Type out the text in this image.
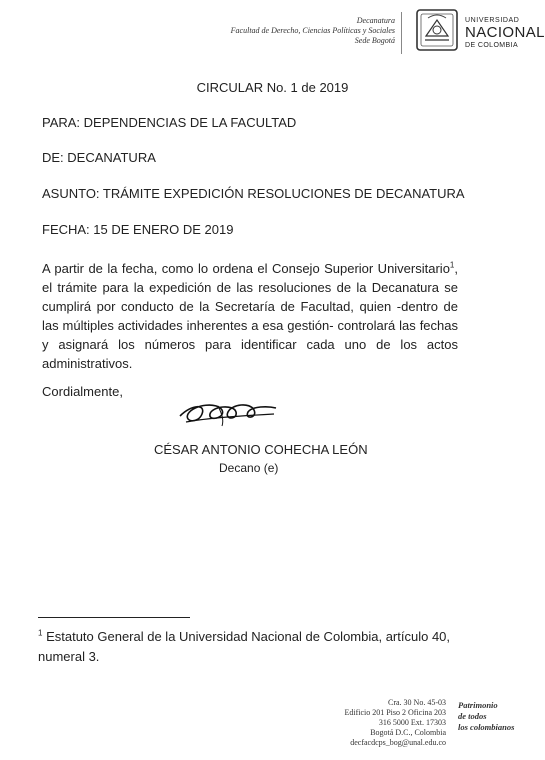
Decanatura
Facultad de Derecho, Ciencias Políticas y Sociales
Sede Bogotá
UNIVERSIDAD
NACIONAL
DE COLOMBIA
CIRCULAR No. 1 de 2019
PARA: DEPENDENCIAS DE LA FACULTAD
DE: DECANATURA
ASUNTO: TRÁMITE EXPEDICIÓN RESOLUCIONES DE DECANATURA
FECHA: 15 DE ENERO DE 2019
A partir de la fecha, como lo ordena el Consejo Superior Universitario$^1$, el trámite para la expedición de las resoluciones de la Decanatura se cumplirá por conducto de la Secretaría de Facultad, quien -dentro de las múltiples actividades inherentes a esa gestión- controlará las fechas y asignará los números para identificar cada uno de los actos administrativos.
Cordialmente,
CÉSAR ANTONIO COHECHA LEÓN
Decano (e)
$^1$ Estatuto General de la Universidad Nacional de Colombia, artículo 40, numeral 3.
Cra. 30 No. 45-03
Edificio 201 Piso 2 Oficina 203
316 5000 Ext. 17303
Bogotá D.C., Colombia
decfacdcps_bog@unal.edu.co
Patrimonio
de todos
los colombianos
